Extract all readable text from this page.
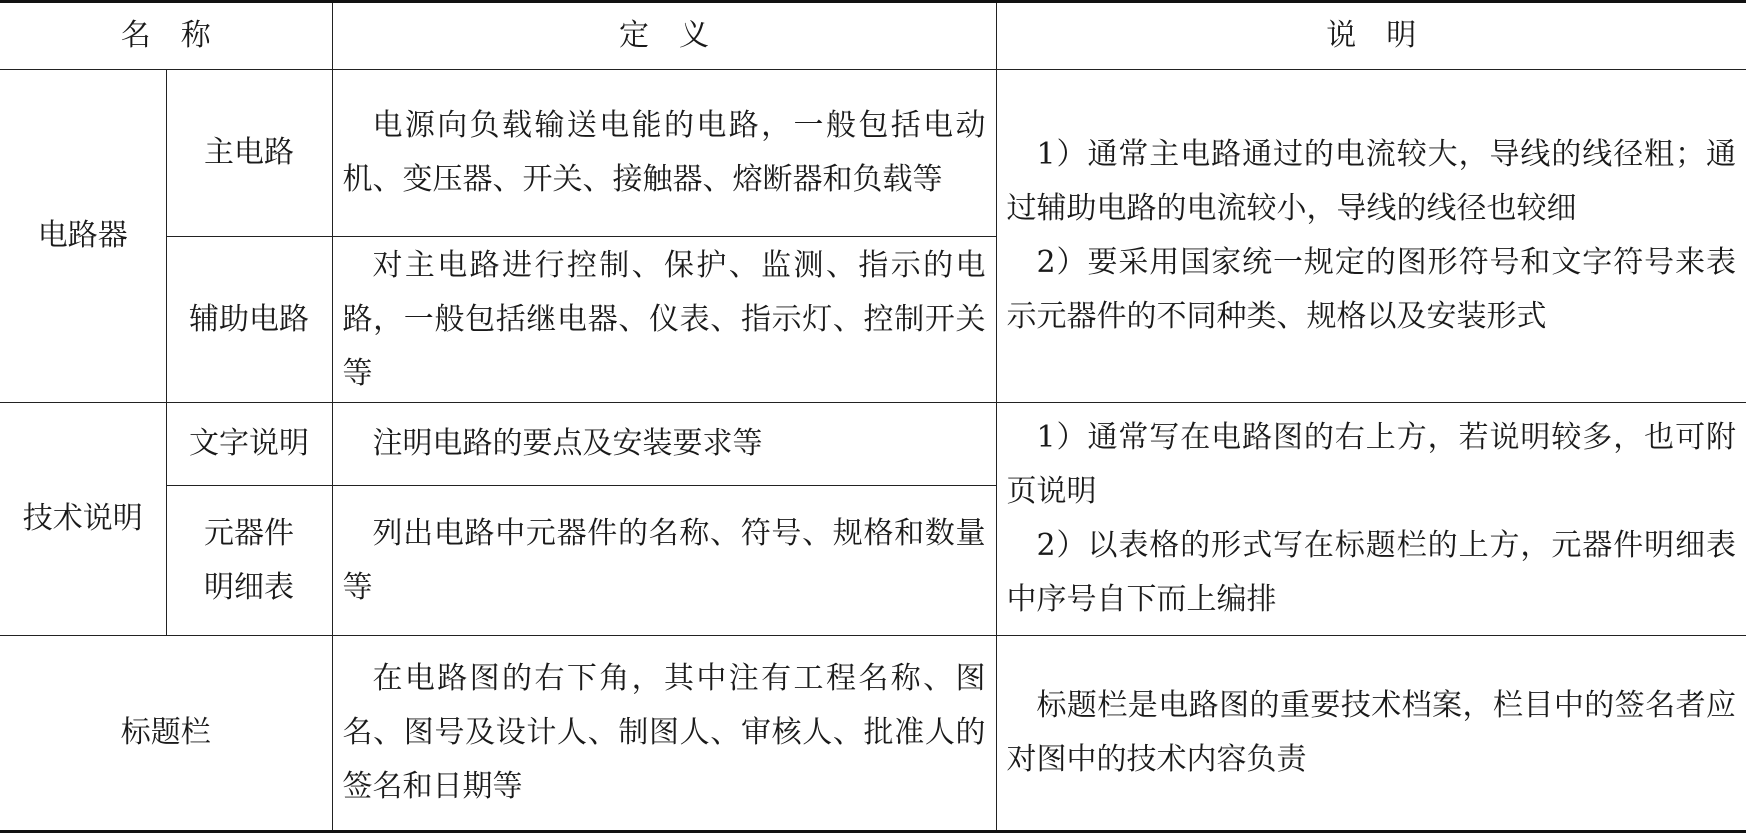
名称		定义	说明
电路器	主电路	电源向负载输送电能的电路，一般包括电动机、变压器、开关、接触器、熔断器和负载等	1）通常主电路通过的电流较大，导线的线径粗；通过辅助电路的电流较小，导线的线径也较细
2）要采用国家统一规定的图形符号和文字符号来表示元器件的不同种类、规格以及安装形式

	辅助电路	对主电路进行控制、保护、监测、指示的电路，一般包括继电器、仪表、指示灯、控制开关等	

技术说明	文字说明	注明电路的要点及安装要求等	1）通常写在电路图的右上方，若说明较多，也可附页说明
2）以表格的形式写在标题栏的上方，元器件明细表中序号自下而上编排

	元器件
明细表	列出电路中元器件的名称、符号、规格和数量等	

标题栏		在电路图的右下角，其中注有工程名称、图名、图号及设计人、制图人、审核人、批准人的签名和日期等	标题栏是电路图的重要技术档案，栏目中的签名者应对图中的技术内容负责
